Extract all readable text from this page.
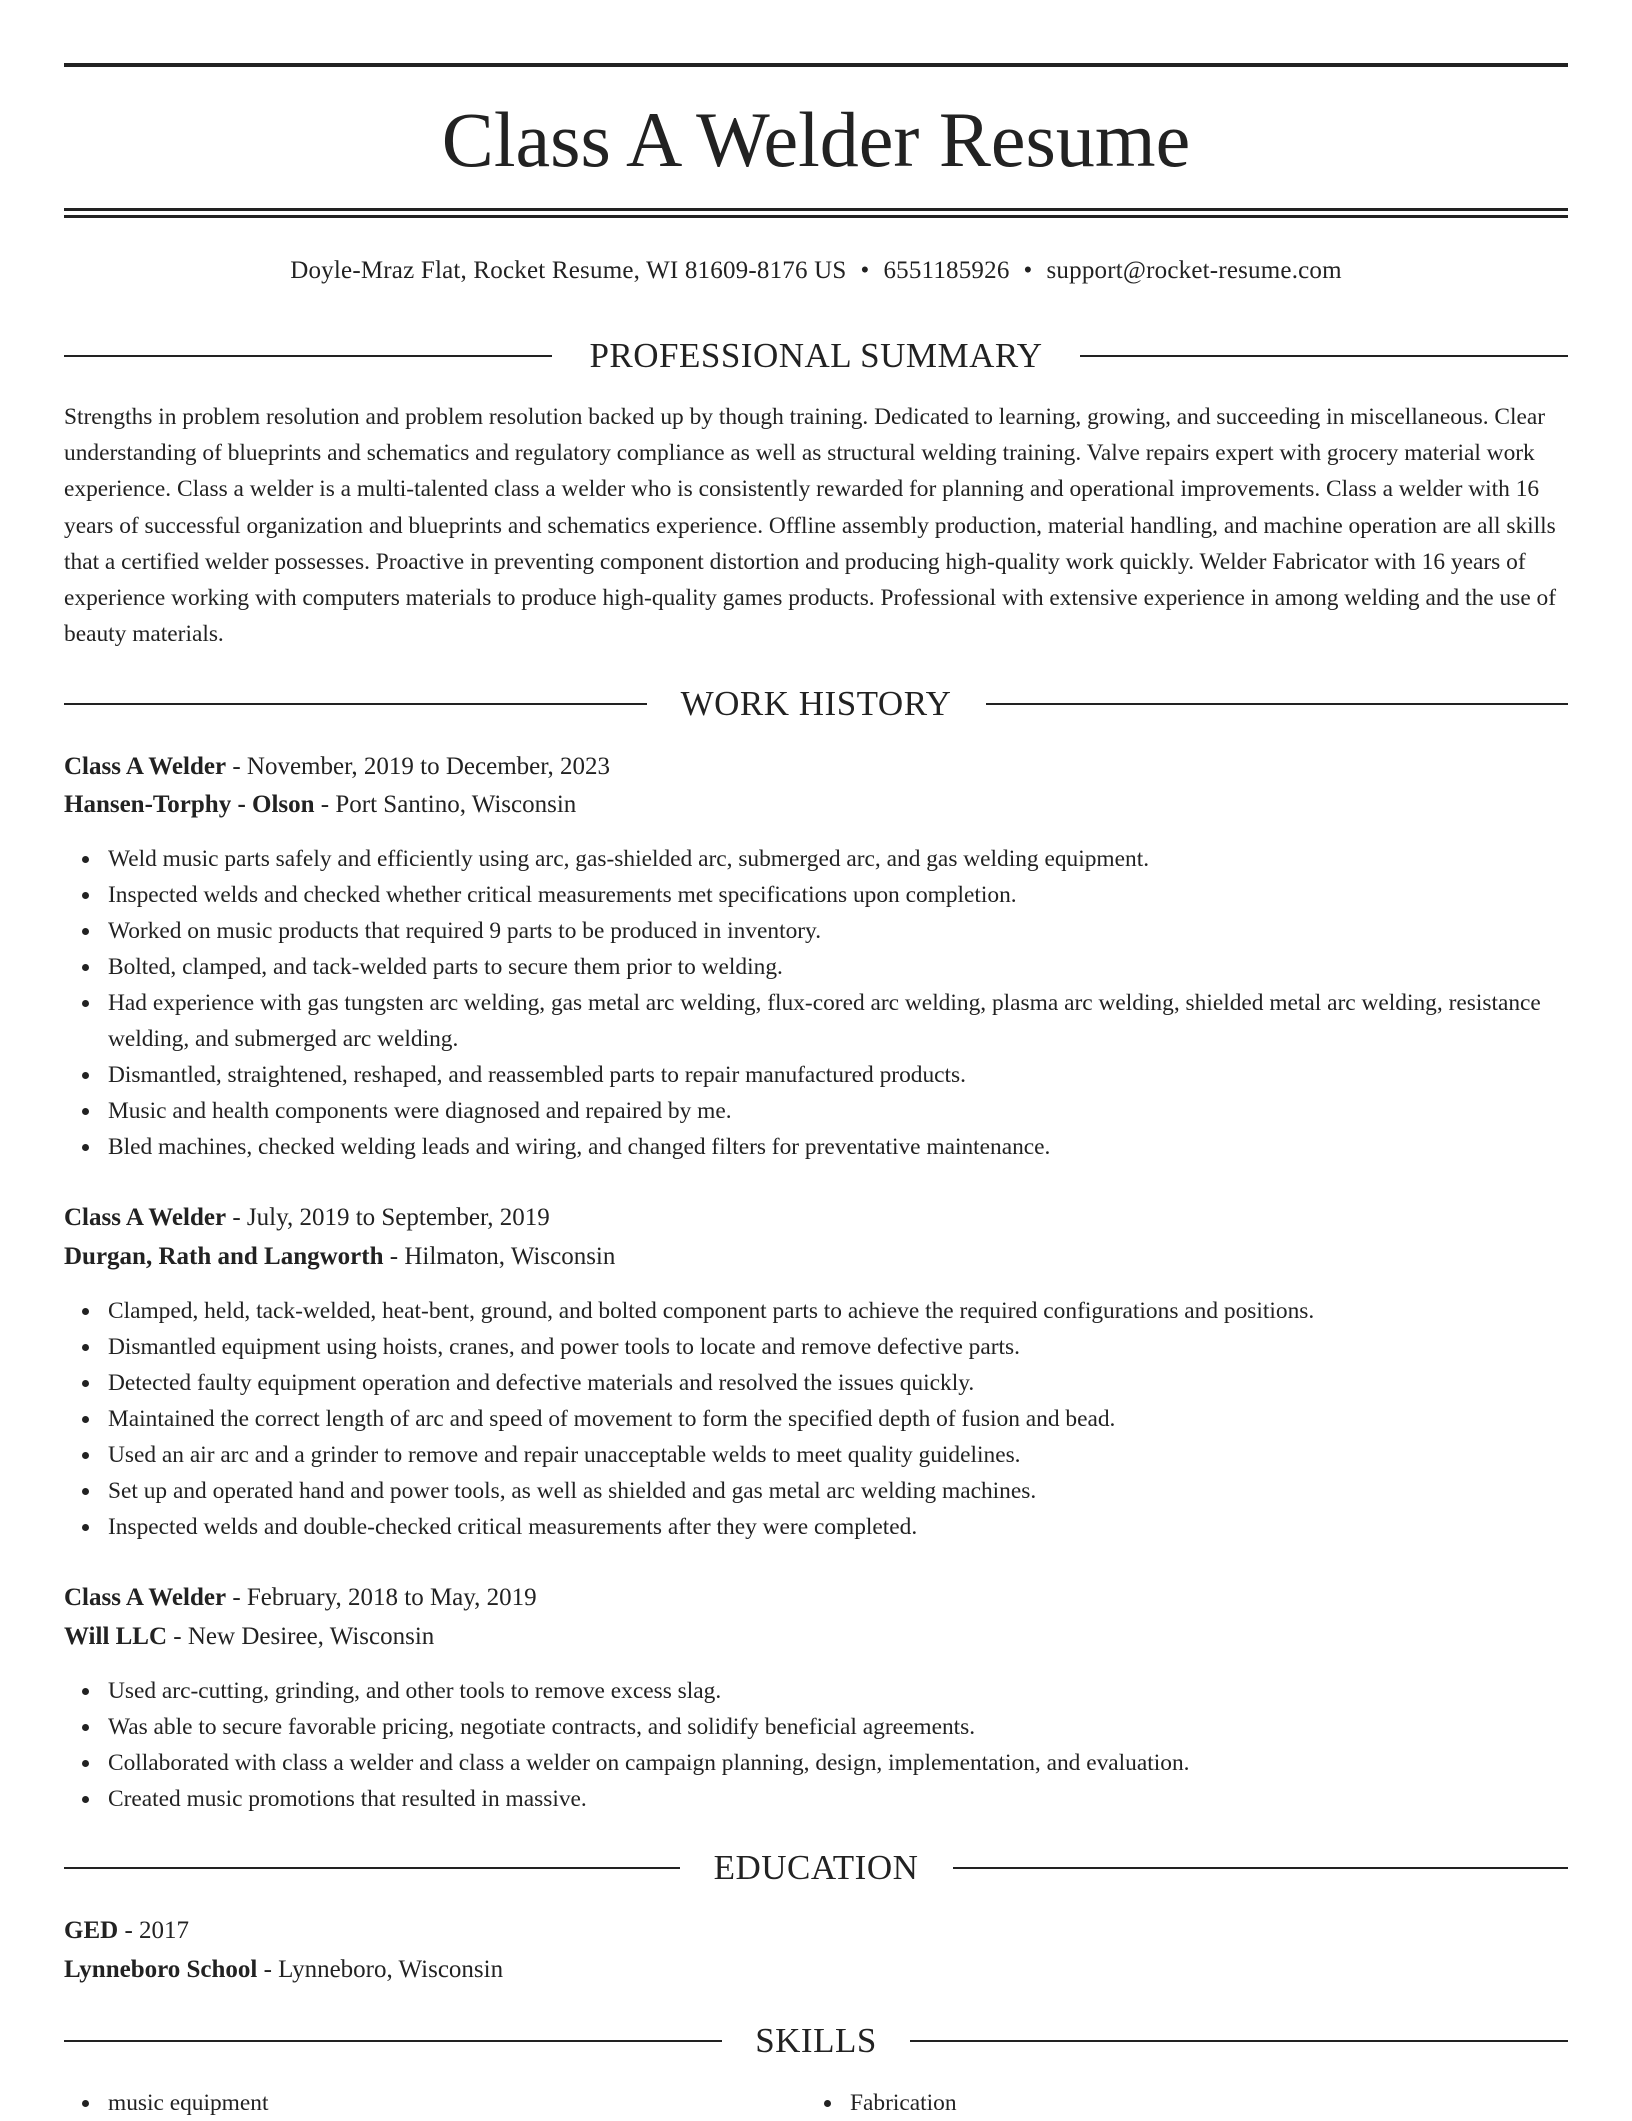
Class A Welder Resume
Doyle-Mraz Flat, Rocket Resume, WI 81609-8176 US • 6551185926 • support@rocket-resume.com
PROFESSIONAL SUMMARY

Strengths in problem resolution and problem resolution backed up by though training. Dedicated to learning, growing, and succeeding in miscellaneous. Clear understanding of blueprints and schematics and regulatory compliance as well as structural welding training. Valve repairs expert with grocery material work experience. Class a welder is a multi-talented class a welder who is consistently rewarded for planning and operational improvements. Class a welder with 16 years of successful organization and blueprints and schematics experience. Offline assembly production, material handling, and machine operation are all skills that a certified welder possesses. Proactive in preventing component distortion and producing high-quality work quickly. Welder Fabricator with 16 years of experience working with computers materials to produce high-quality games products. Professional with extensive experience in among welding and the use of beauty materials.

WORK HISTORY
Class A Welder - November, 2019 to December, 2023
Hansen-Torphy - Olson - Port Santino, Wisconsin
Weld music parts safely and efficiently using arc, gas-shielded arc, submerged arc, and gas welding equipment.
Inspected welds and checked whether critical measurements met specifications upon completion.
Worked on music products that required 9 parts to be produced in inventory.
Bolted, clamped, and tack-welded parts to secure them prior to welding.
Had experience with gas tungsten arc welding, gas metal arc welding, flux-cored arc welding, plasma arc welding, shielded metal arc welding, resistance welding, and submerged arc welding.
Dismantled, straightened, reshaped, and reassembled parts to repair manufactured products.
Music and health components were diagnosed and repaired by me.
Bled machines, checked welding leads and wiring, and changed filters for preventative maintenance.
Class A Welder - July, 2019 to September, 2019
Durgan, Rath and Langworth - Hilmaton, Wisconsin
Clamped, held, tack-welded, heat-bent, ground, and bolted component parts to achieve the required configurations and positions.
Dismantled equipment using hoists, cranes, and power tools to locate and remove defective parts.
Detected faulty equipment operation and defective materials and resolved the issues quickly.
Maintained the correct length of arc and speed of movement to form the specified depth of fusion and bead.
Used an air arc and a grinder to remove and repair unacceptable welds to meet quality guidelines.
Set up and operated hand and power tools, as well as shielded and gas metal arc welding machines.
Inspected welds and double-checked critical measurements after they were completed.
Class A Welder - February, 2018 to May, 2019
Will LLC - New Desiree, Wisconsin
Used arc-cutting, grinding, and other tools to remove excess slag.
Was able to secure favorable pricing, negotiate contracts, and solidify beneficial agreements.
Collaborated with class a welder and class a welder on campaign planning, design, implementation, and evaluation.
Created music promotions that resulted in massive.
EDUCATION
GED - 2017
Lynneboro School - Lynneboro, Wisconsin
SKILLS
music equipment	Fabrication
